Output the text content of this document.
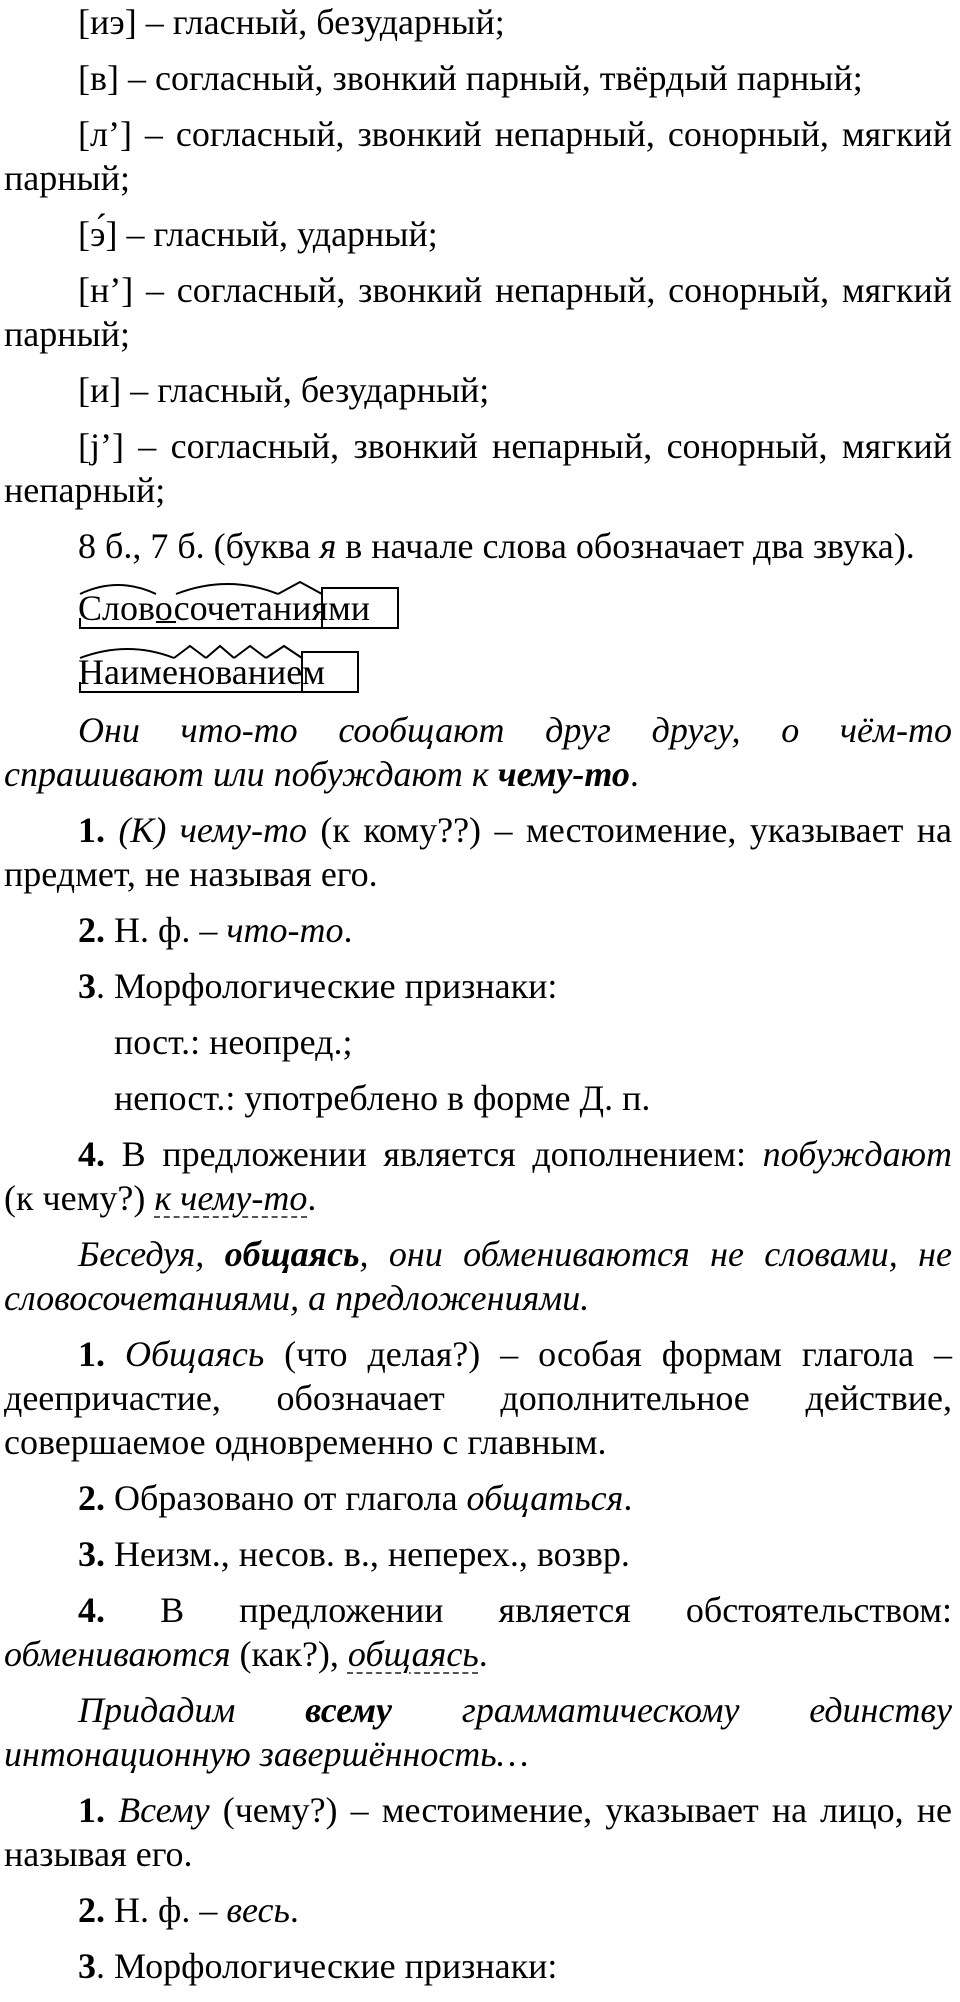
[иэ] – гласный, безударный;

[в] – согласный, звонкий парный, твёрдый парный;

[л’] – согласный, звонкий непарный, сонорный, мягкий парный;

[э́] – гласный, ударный;

[н’] – согласный, звонкий непарный, сонорный, мягкий парный;

[и] – гласный, безударный;

[j’] – согласный, звонкий непарный, сонорный, мягкий непарный;

8 б., 7 б. (буква я в начале слова обозначает два звука).

Словосочетаниями
Наименованием

Они что-то сообщают друг другу, о чём-то спрашивают или побуждают к чему-то.

1. (К) чему-то (к кому??) – местоимение, указывает на предмет, не называя его.

2. Н. ф. – что-то.

3. Морфологические признаки:

пост.: неопред.;

непост.: употреблено в форме Д. п.

4. В предложении является дополнением: побуждают (к чему?) к чему-то.

Беседуя, общаясь, они обмениваются не словами, не словосочетаниями, а предложениями.

1. Общаясь (что делая?) – особая формам глагола – деепричастие, обозначает дополнительное действие, совершаемое одновременно с главным.

2. Образовано от глагола общаться.

3. Неизм., несов. в., неперех., возвр.

4. В предложении является обстоятельством: обмениваются (как?), общаясь.

Придадим всему грамматическому единству интонационную завершённость…

1. Всему (чему?) – местоимение, указывает на лицо, не называя его.

2. Н. ф. – весь.

3. Морфологические признаки:
